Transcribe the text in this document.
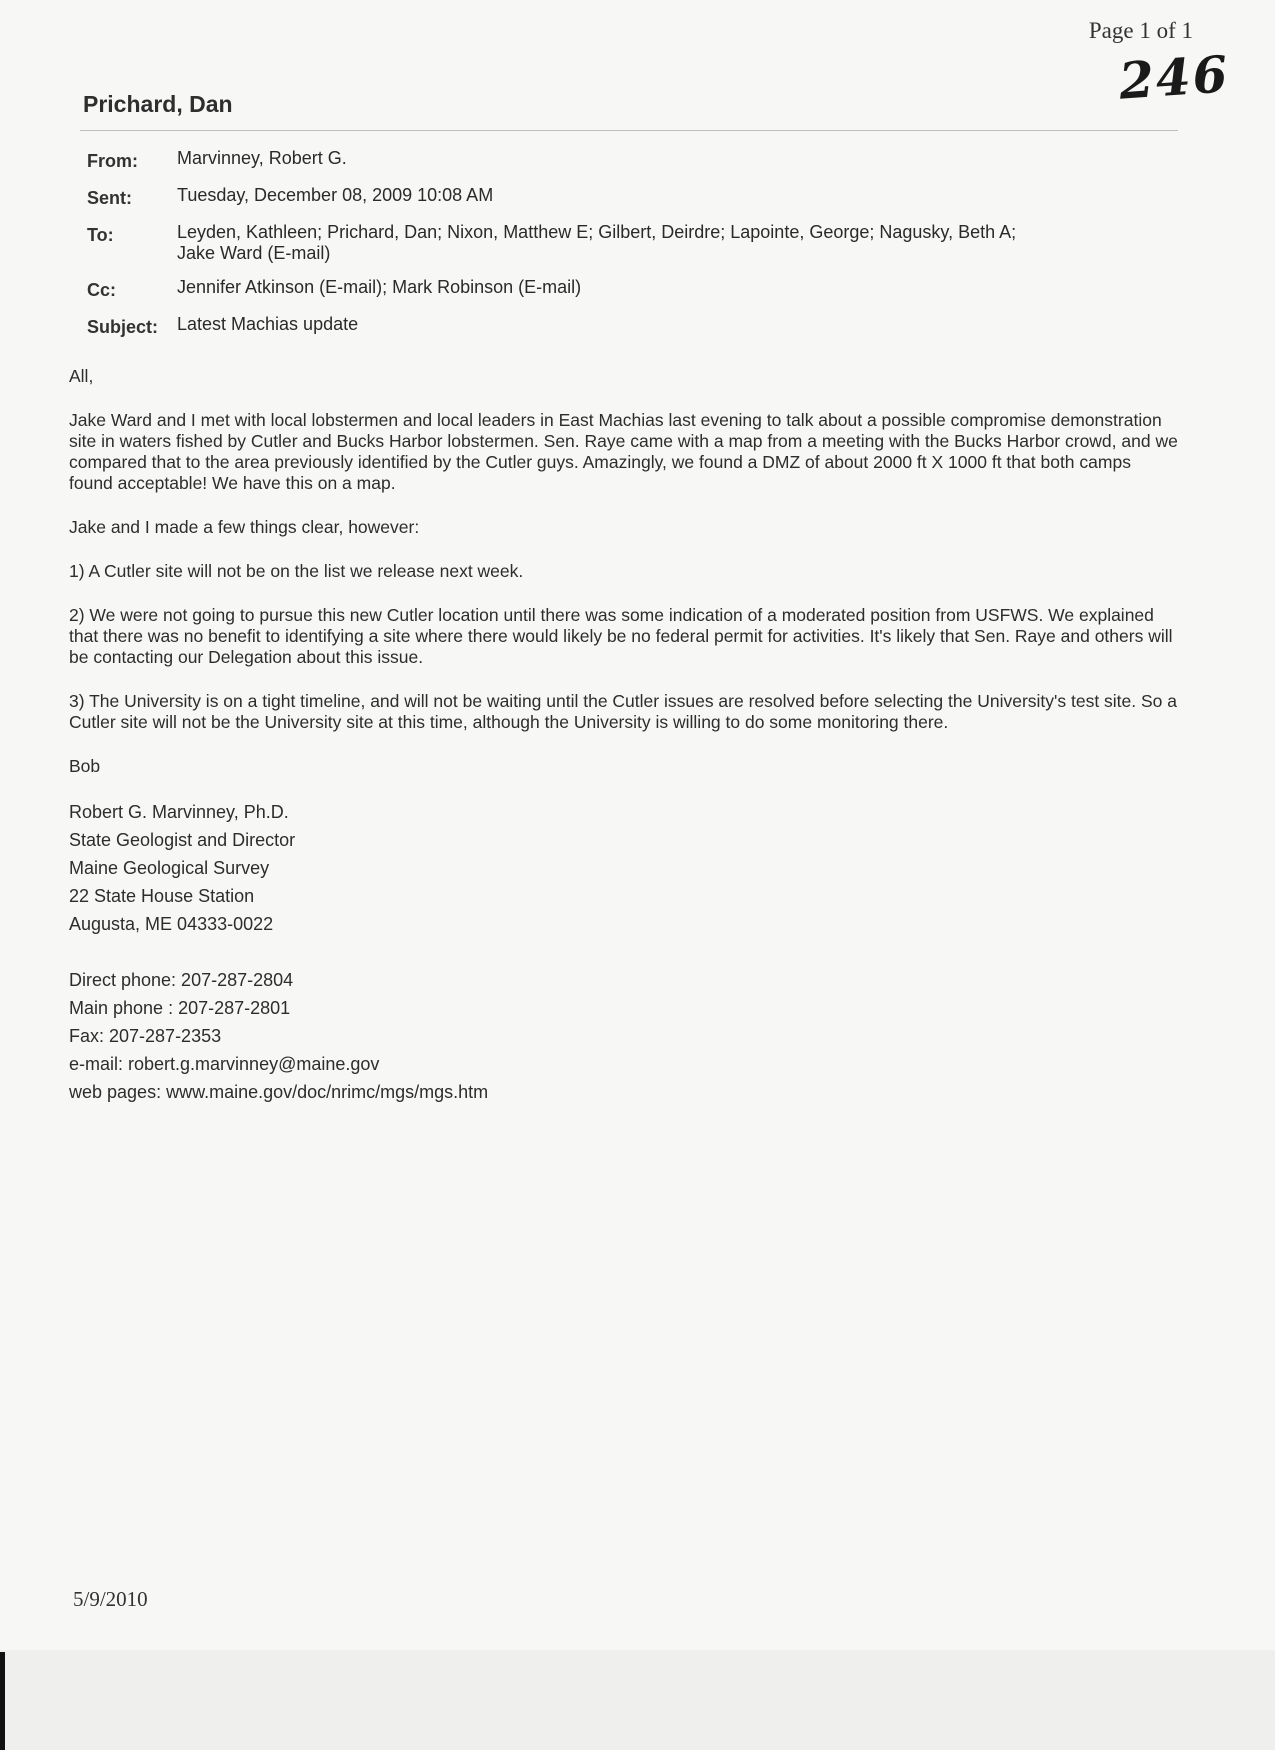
Page 1 of 1
246
Prichard, Dan
From:	Marvinney, Robert G.
Sent:	Tuesday, December 08, 2009 10:08 AM
To:	Leyden, Kathleen; Prichard, Dan; Nixon, Matthew E; Gilbert, Deirdre; Lapointe, George; Nagusky, Beth A;
Jake Ward (E-mail)

Cc:	Jennifer Atkinson (E-mail); Mark Robinson (E-mail)
Subject:	Latest Machias update

All,

Jake Ward and I met with local lobstermen and local leaders in East Machias last evening to talk about a possible compromise demonstration site in waters fished by Cutler and Bucks Harbor lobstermen. Sen. Raye came with a map from a meeting with the Bucks Harbor crowd, and we compared that to the area previously identified by the Cutler guys. Amazingly, we found a DMZ of about 2000 ft X 1000 ft that both camps found acceptable! We have this on a map.

Jake and I made a few things clear, however:

1) A Cutler site will not be on the list we release next week.

2) We were not going to pursue this new Cutler location until there was some indication of a moderated position from USFWS. We explained that there was no benefit to identifying a site where there would likely be no federal permit for activities. It's likely that Sen. Raye and others will be contacting our Delegation about this issue.

3) The University is on a tight timeline, and will not be waiting until the Cutler issues are resolved before selecting the University's test site. So a Cutler site will not be the University site at this time, although the University is willing to do some monitoring there.

Bob

Robert G. Marvinney, Ph.D.
State Geologist and Director
Maine Geological Survey
22 State House Station
Augusta, ME 04333-0022
Direct phone: 207-287-2804
Main phone : 207-287-2801
Fax: 207-287-2353
e-mail: robert.g.marvinney@maine.gov
web pages: www.maine.gov/doc/nrimc/mgs/mgs.htm
5/9/2010
